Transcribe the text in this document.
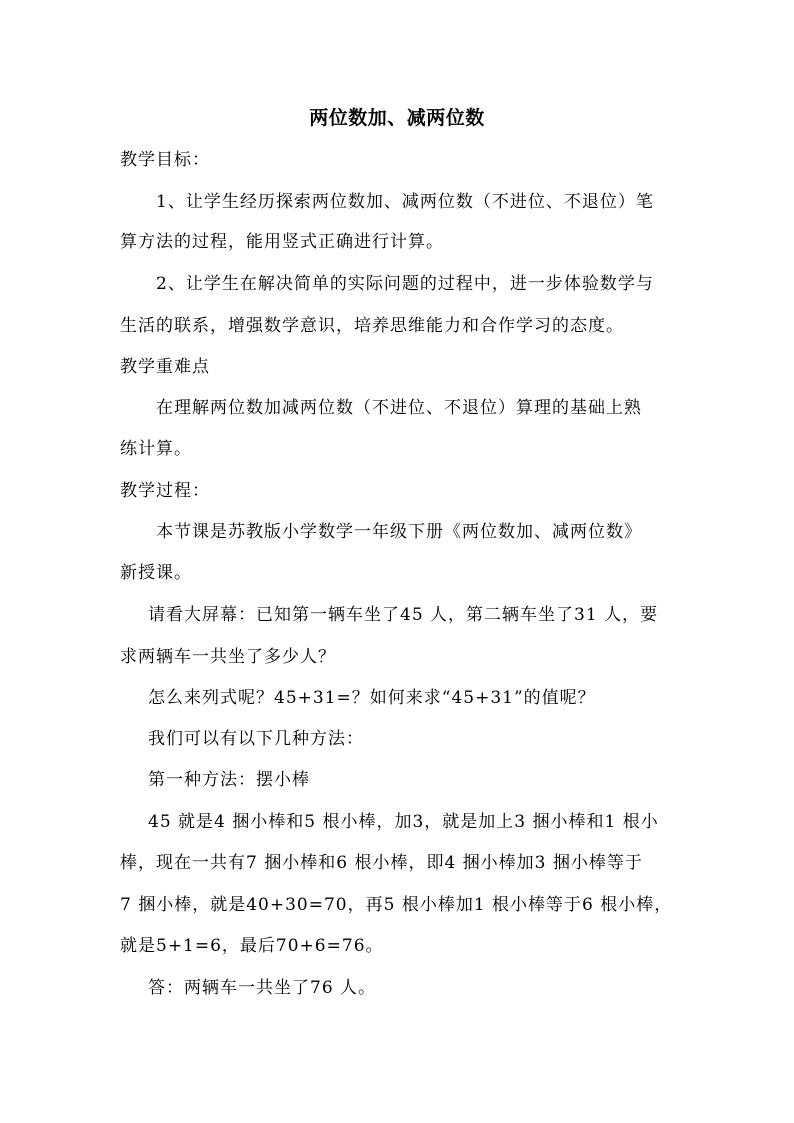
两位数加、减两位数
教学目标：
1、让学生经历探索两位数加、减两位数（不进位、不退位）笔
算方法的过程，能用竖式正确进行计算。
2、让学生在解决简单的实际问题的过程中，进一步体验数学与
生活的联系，增强数学意识，培养思维能力和合作学习的态度。
教学重难点
在理解两位数加减两位数（不进位、不退位）算理的基础上熟
练计算。
教学过程：
本节课是苏教版小学数学一年级下册《两位数加、减两位数》
新授课。
请看大屏幕：已知第一辆车坐了45 人，第二辆车坐了31 人，要
求两辆车一共坐了多少人？
怎么来列式呢？45+31=？如何来求“45+31”的值呢？
我们可以有以下几种方法：
第一种方法：摆小棒
45 就是4 捆小棒和5 根小棒，加3，就是加上3 捆小棒和1 根小
棒，现在一共有7 捆小棒和6 根小棒，即4 捆小棒加3 捆小棒等于
7 捆小棒，就是40+30=70，再5 根小棒加1 根小棒等于6 根小棒，
就是5+1=6，最后70+6=76。
答：两辆车一共坐了76 人。
